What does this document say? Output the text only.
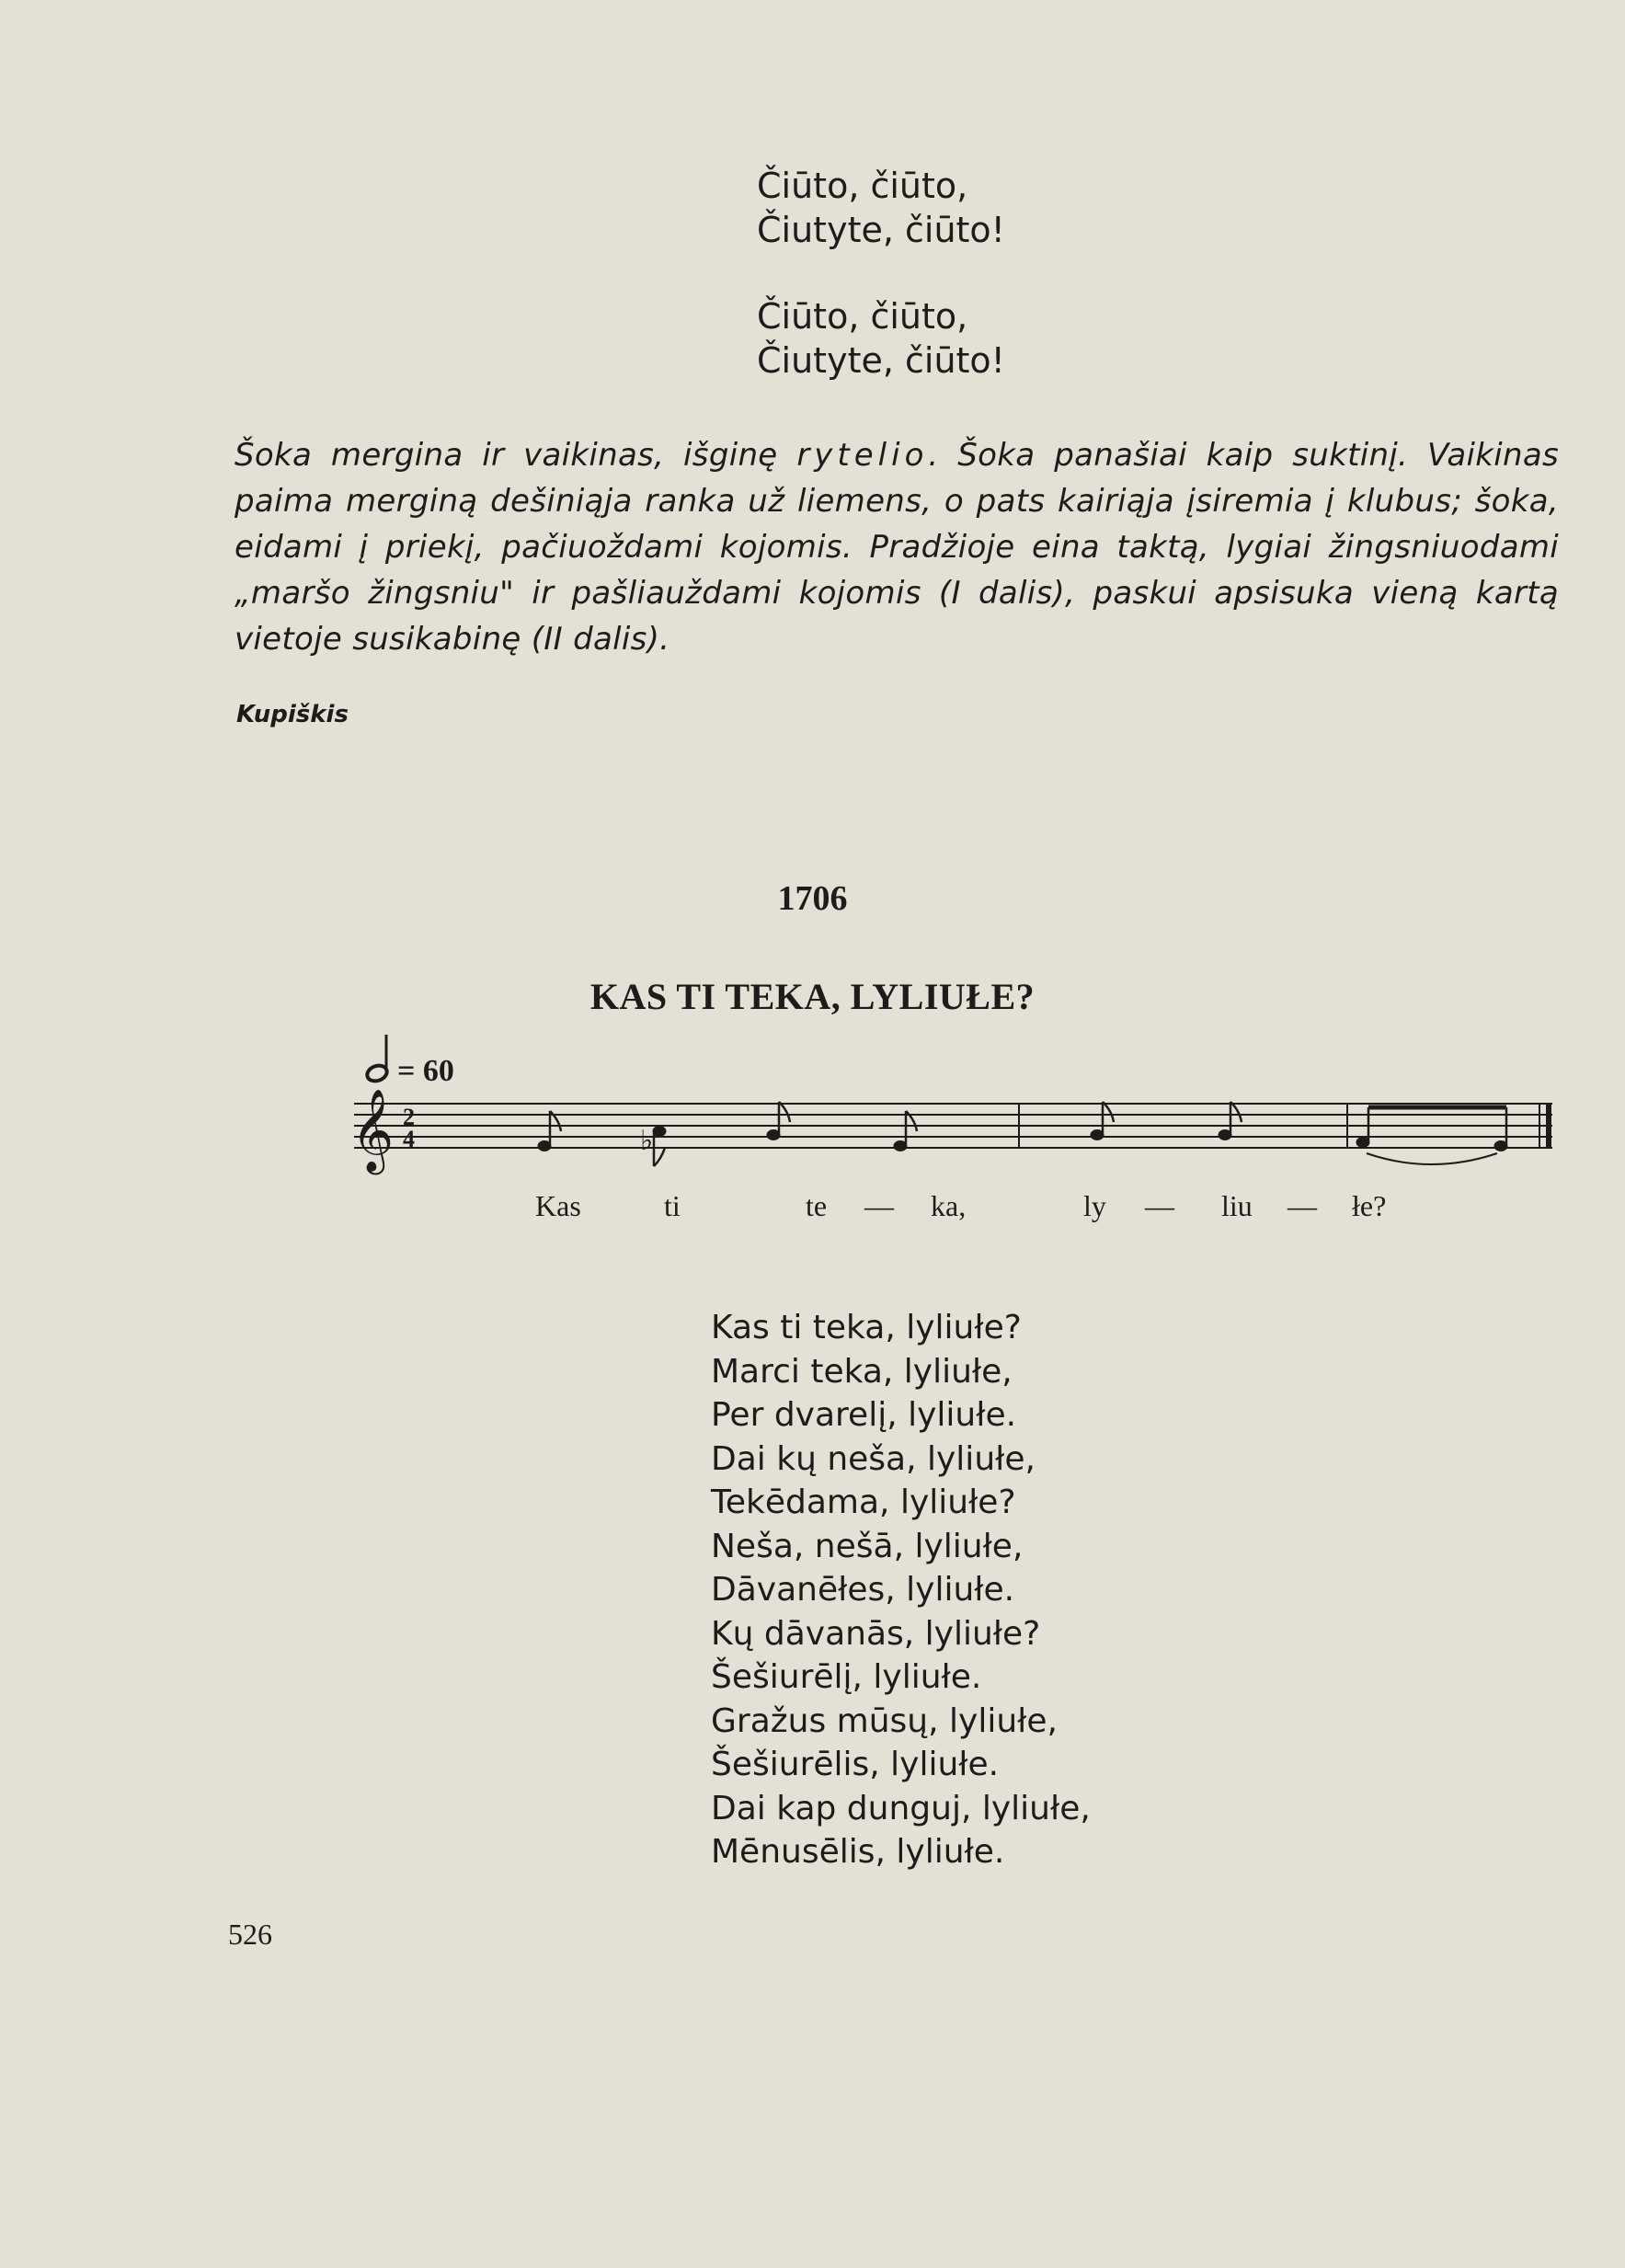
Čiūto, čiūto,
Čiutyte, čiūto!
Čiūto, čiūto,
Čiutyte, čiūto!
Šoka mergina ir vaikinas, išginę rytelio. Šoka panašiai kaip suktinį. Vaikinas paima merginą dešiniąja ranka už liemens, o pats kairiąja įsiremia į klubus; šoka, eidami į priekį, pačiuoždami kojomis. Pradžioje eina taktą, lygiai žingsniuodami „maršo žingsniu" ir pašliauždami kojomis (I dalis), paskui apsisuka vieną kartą vietoje susikabinę (II dalis).
Kupiškis
1706
KAS TI TEKA, LYLIUŁE?
= 60
𝄞 2
4	♭
Kas	ti	te — ka,	ly — liu — łe?
Kas ti teka, lyliułe?
Marci teka, lyliułe,
Per dvarelį, lyliułe.
Dai kų neša, lyliułe,
Tekēdama, lyliułe?
Neša, nešā, lyliułe,
Dāvanēłes, lyliułe.
Kų dāvanās, lyliułe?
Šešiurēlį, lyliułe.
Gražus mūsų, lyliułe,
Šešiurēlis, lyliułe.
Dai kap dunguj, lyliułe,
Mēnusēlis, lyliułe.
526
